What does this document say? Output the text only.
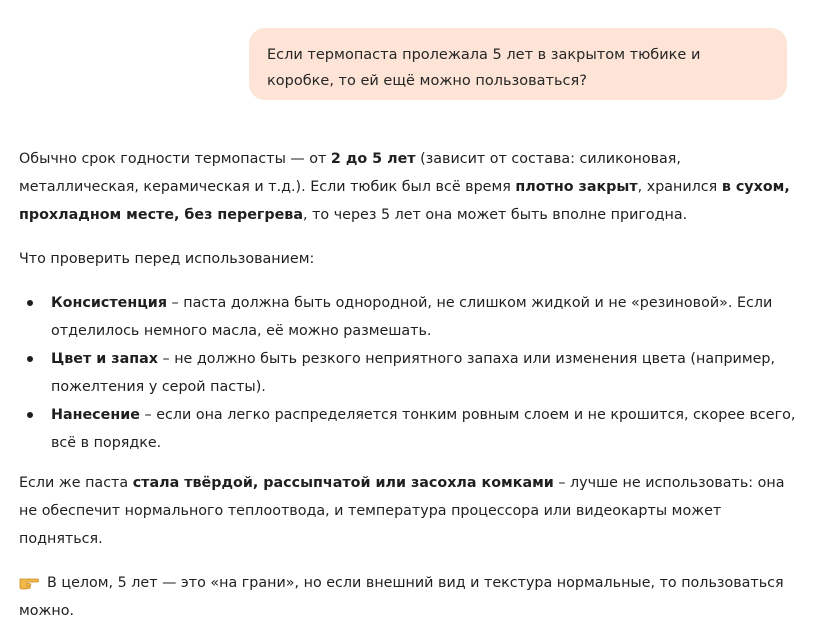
Если термопаста пролежала 5 лет в закрытом тюбике и коробке, то ей ещё можно пользоваться?

Обычно срок годности термопасты — от 2 до 5 лет (зависит от состава: силиконовая, металлическая, керамическая и т.д.). Если тюбик был всё время плотно закрыт, хранился в сухом, прохладном месте, без перегрева, то через 5 лет она может быть вполне пригодна.

Что проверить перед использованием:

Консистенция – паста должна быть однородной, не слишком жидкой и не «резиновой». Если отделилось немного масла, её можно размешать.
Цвет и запах – не должно быть резкого неприятного запаха или изменения цвета (например, пожелтения у серой пасты).
Нанесение – если она легко распределяется тонким ровным слоем и не крошится, скорее всего, всё в порядке.

Если же паста стала твёрдой, рассыпчатой или засохла комками – лучше не использовать: она не обеспечит нормального теплоотвода, и температура процессора или видеокарты может подняться.

В целом, 5 лет — это «на грани», но если внешний вид и текстура нормальные, то пользоваться можно.
